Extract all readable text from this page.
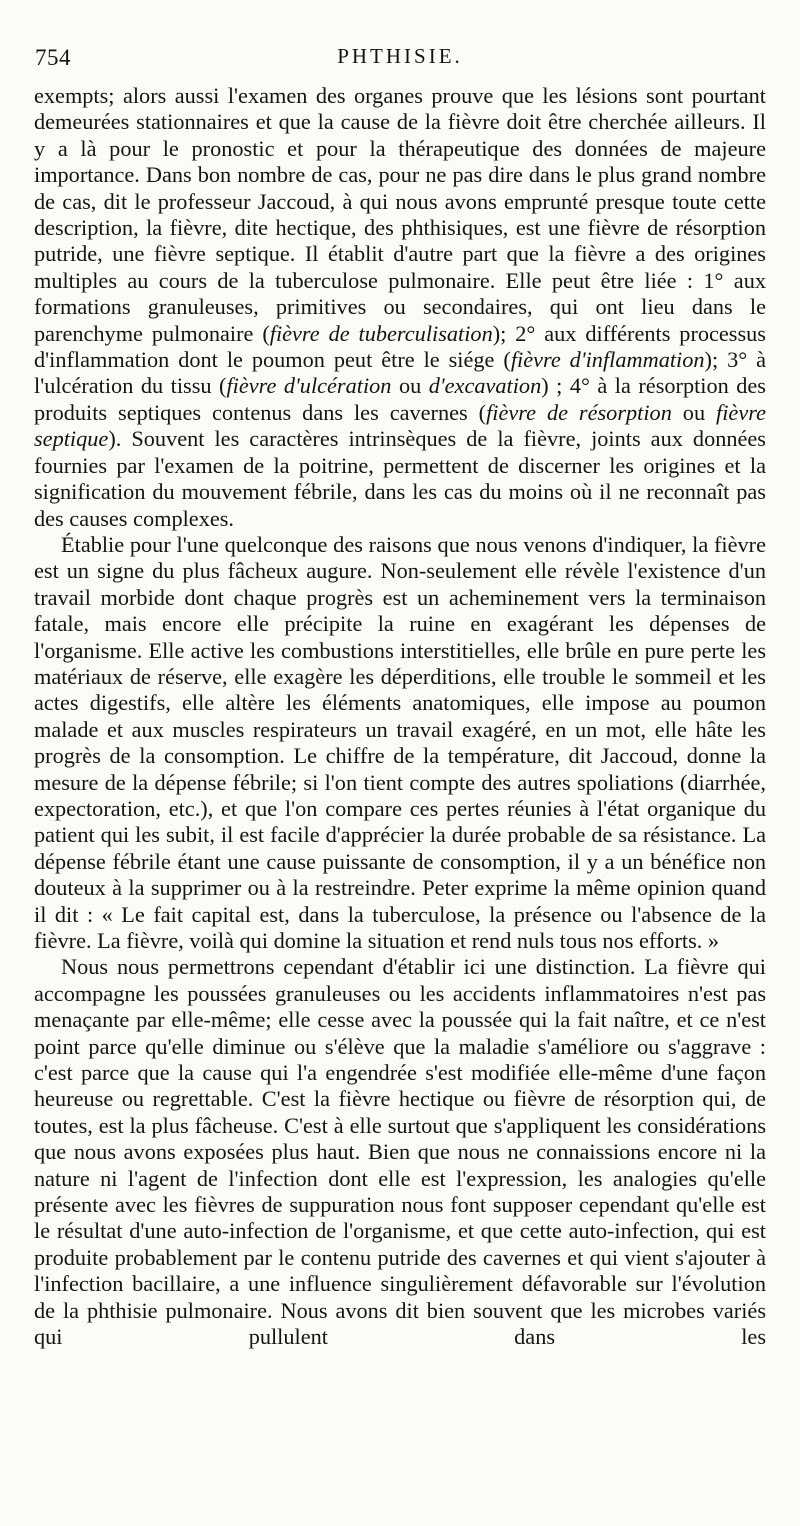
754	PHTHISIE.

exempts; alors aussi l'examen des organes prouve que les lésions sont pourtant demeurées stationnaires et que la cause de la fièvre doit être cherchée ailleurs. Il y a là pour le pronostic et pour la thérapeutique des données de majeure importance. Dans bon nombre de cas, pour ne pas dire dans le plus grand nombre de cas, dit le professeur Jaccoud, à qui nous avons emprunté presque toute cette description, la fièvre, dite hectique, des phthisiques, est une fièvre de résorption putride, une fièvre septique. Il établit d'autre part que la fièvre a des origines multiples au cours de la tuberculose pulmonaire. Elle peut être liée : 1° aux formations granuleuses, primitives ou secondaires, qui ont lieu dans le parenchyme pulmonaire (fièvre de tuberculisation); 2° aux différents processus d'inflammation dont le poumon peut être le siége (fièvre d'inflammation); 3° à l'ulcération du tissu (fièvre d'ulcération ou d'excavation) ; 4° à la résorption des produits septiques contenus dans les cavernes (fièvre de résorption ou fièvre septique). Souvent les caractères intrinsèques de la fièvre, joints aux données fournies par l'examen de la poitrine, permettent de discerner les origines et la signification du mouvement fébrile, dans les cas du moins où il ne reconnaît pas des causes complexes.

Établie pour l'une quelconque des raisons que nous venons d'indiquer, la fièvre est un signe du plus fâcheux augure. Non-seulement elle révèle l'existence d'un travail morbide dont chaque progrès est un acheminement vers la terminaison fatale, mais encore elle précipite la ruine en exagérant les dépenses de l'organisme. Elle active les combustions interstitielles, elle brûle en pure perte les matériaux de réserve, elle exagère les déperditions, elle trouble le sommeil et les actes digestifs, elle altère les éléments anatomiques, elle impose au poumon malade et aux muscles respirateurs un travail exagéré, en un mot, elle hâte les progrès de la consomption. Le chiffre de la température, dit Jaccoud, donne la mesure de la dépense fébrile; si l'on tient compte des autres spoliations (diarrhée, expectoration, etc.), et que l'on compare ces pertes réunies à l'état organique du patient qui les subit, il est facile d'apprécier la durée probable de sa résistance. La dépense fébrile étant une cause puissante de consomption, il y a un bénéfice non douteux à la supprimer ou à la restreindre. Peter exprime la même opinion quand il dit : « Le fait capital est, dans la tuberculose, la présence ou l'absence de la fièvre. La fièvre, voilà qui domine la situation et rend nuls tous nos efforts. »

Nous nous permettrons cependant d'établir ici une distinction. La fièvre qui accompagne les poussées granuleuses ou les accidents inflammatoires n'est pas menaçante par elle-même; elle cesse avec la poussée qui la fait naître, et ce n'est point parce qu'elle diminue ou s'élève que la maladie s'améliore ou s'aggrave : c'est parce que la cause qui l'a engendrée s'est modifiée elle-même d'une façon heureuse ou regrettable. C'est la fièvre hectique ou fièvre de résorption qui, de toutes, est la plus fâcheuse. C'est à elle surtout que s'appliquent les considérations que nous avons exposées plus haut. Bien que nous ne connaissions encore ni la nature ni l'agent de l'infection dont elle est l'expression, les analogies qu'elle présente avec les fièvres de suppuration nous font supposer cependant qu'elle est le résultat d'une auto-infection de l'organisme, et que cette auto-infection, qui est produite probablement par le contenu putride des cavernes et qui vient s'ajouter à l'infection bacillaire, a une influence singulièrement défavorable sur l'évolution de la phthisie pulmonaire. Nous avons dit bien souvent que les microbes variés qui pullulent dans les
